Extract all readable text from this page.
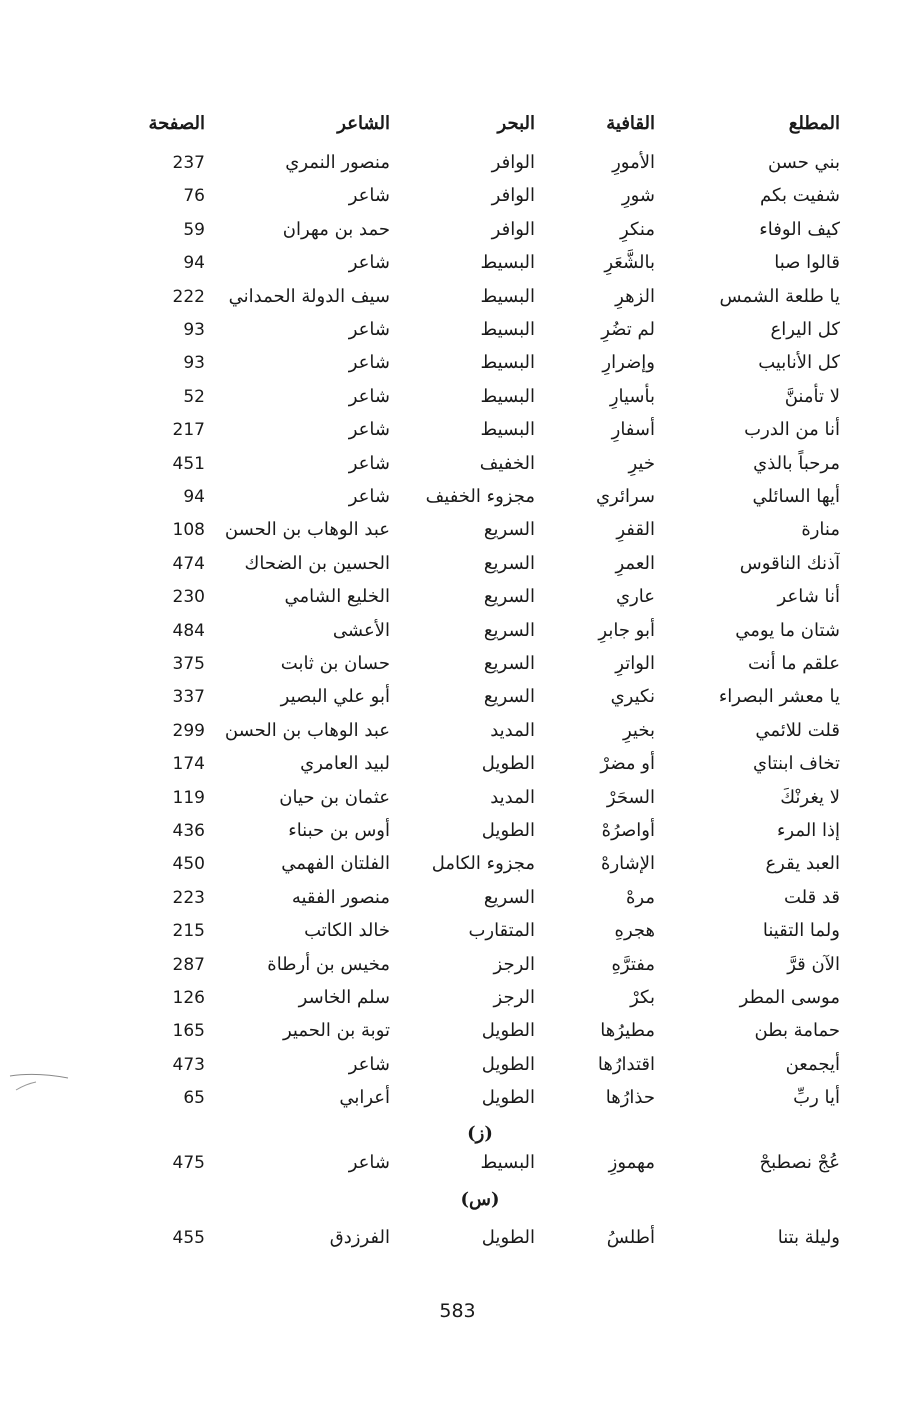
المطلع
القافية
البحر
الشاعر
الصفحة
بني حسن
الأمورِ
الوافر
منصور النمري
237
شفيت بكم
شورِ
الوافر
شاعر
76
كيف الوفاء
منكرِ
الوافر
حمد بن مهران
59
قالوا صبا
بالشَّعَرِ
البسيط
شاعر
94
يا طلعة الشمس
الزهرِ
البسيط
سيف الدولة الحمداني
222
كل اليراع
لم تضُرِ
البسيط
شاعر
93
كل الأنابيب
وإضرارِ
البسيط
شاعر
93
لا تأمننَّ
بأسيارِ
البسيط
شاعر
52
أنا من الدرب
أسفارِ
البسيط
شاعر
217
مرحباً بالذي
خيرِ
الخفيف
شاعر
451
أيها السائلي
سرائري
مجزوء الخفيف
شاعر
94
منارة
القفرِ
السريع
عبد الوهاب بن الحسن
108
آذنك الناقوس
العمرِ
السريع
الحسين بن الضحاك
474
أنا شاعر
عاري
السريع
الخليع الشامي
230
شتان ما يومي
أبو جابرِ
السريع
الأعشى
484
علقم ما أنت
الواترِ
السريع
حسان بن ثابت
375
يا معشر البصراء
نكيري
السريع
أبو علي البصير
337
قلت للائمي
بخيرِ
المديد
عبد الوهاب بن الحسن
299
تخاف ابنتاي
أو مضرْ
الطويل
لبيد العامري
174
لا يغرنْكَ
السحَرْ
المديد
عثمان بن حيان
119
إذا المرء
أواصرُهْ
الطويل
أوس بن حبناء
436
العبد يقرع
الإشارهْ
مجزوء الكامل
الفلتان الفهمي
450
قد قلت
مرهْ
السريع
منصور الفقيه
223
ولما التقينا
هجرهِ
المتقارب
خالد الكاتب
215
الآن قرَّ
مفترَّهِ
الرجز
مخيس بن أرطاة
287
موسى المطر
بكرْ
الرجز
سلم الخاسر
126
حمامة بطن
مطيرُها
الطويل
توبة بن الحمير
165
أيجمعن
اقتدارُها
الطويل
شاعر
473
أيا ربِّ
حذارُها
الطويل
أعرابي
65
(ز)
عُجْ نصطبحْ
مهموزِ
البسيط
شاعر
475
(س)
وليلة بتنا
أطلسُ
الطويل
الفرزدق
455
583
